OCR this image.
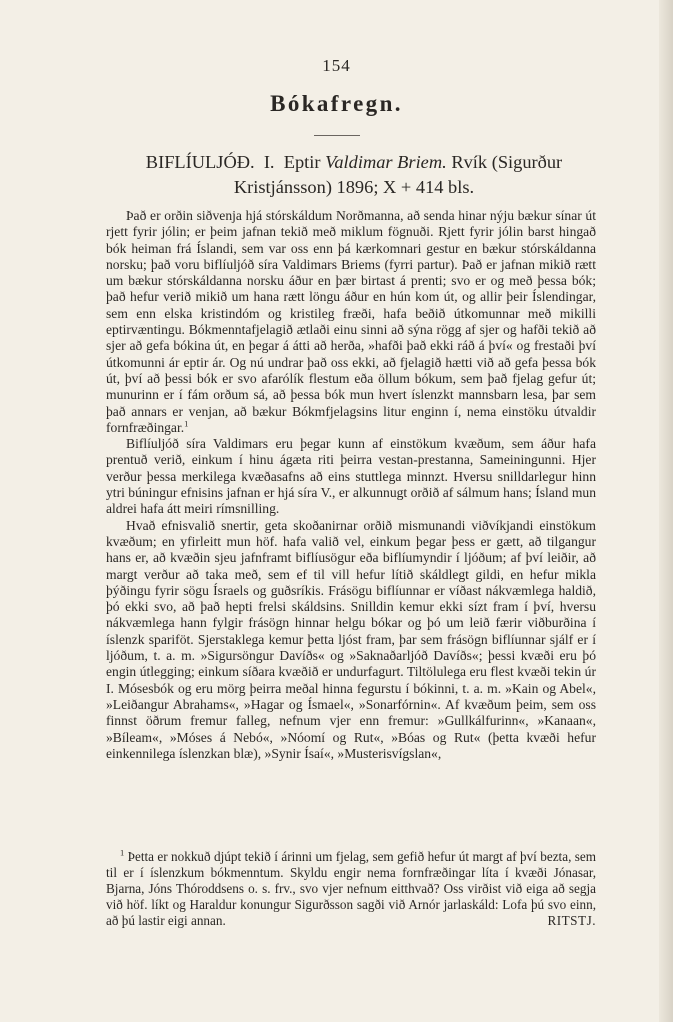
154
Bókafregn.
BIFLÍULJÓÐ. I. Eptir Valdimar Briem. Rvík (Sigurður Kristjánsson) 1896; X + 414 bls.

Það er orðin siðvenja hjá stórskáldum Norðmanna, að senda hinar nýju bækur sínar út rjett fyrir jólin; er þeim jafnan tekið með miklum fögnuði. Rjett fyrir jólin barst hingað bók heiman frá Íslandi, sem var oss enn þá kærkomnari gestur en bækur stórskáldanna norsku; það voru biflíuljóð síra Valdimars Briems (fyrri partur). Það er jafnan mikið rætt um bækur stórskáldanna norsku áður en þær birtast á prenti; svo er og með þessa bók; það hefur verið mikið um hana rætt löngu áður en hún kom út, og allir þeir Íslendingar, sem enn elska kristindóm og kristileg fræði, hafa beðið útkomunnar með mikilli eptirvæntingu. Bókmenntafjelagið ætlaði einu sinni að sýna rögg af sjer og hafði tekið að sjer að gefa bókina út, en þegar á átti að herða, »hafði það ekki ráð á því« og frestaði því útkomunni ár eptir ár. Og nú undrar það oss ekki, að fjelagið hætti við að gefa þessa bók út, því að þessi bók er svo afarólík flestum eða öllum bókum, sem það fjelag gefur út; munurinn er í fám orðum sá, að þessa bók mun hvert íslenzkt mannsbarn lesa, þar sem það annars er venjan, að bækur Bókmfjelagsins litur enginn í, nema einstöku útvaldir fornfræðingar.$^1$

Biflíuljóð síra Valdimars eru þegar kunn af einstökum kvæðum, sem áður hafa prentuð verið, einkum í hinu ágæta riti þeirra vestan-prestanna, Sameiningunni. Hjer verður þessa merkilega kvæðasafns að eins stuttlega minnzt. Hversu snilldarlegur hinn ytri búningur efnisins jafnan er hjá síra V., er alkunnugt orðið af sálmum hans; Ísland mun aldrei hafa átt meiri rímsnilling.

Hvað efnisvalið snertir, geta skoðanirnar orðið mismunandi viðvíkjandi einstökum kvæðum; en yfirleitt mun höf. hafa valið vel, einkum þegar þess er gætt, að tilgangur hans er, að kvæðin sjeu jafnframt biflíusögur eða biflíumyndir í ljóðum; af því leiðir, að margt verður að taka með, sem ef til vill hefur lítið skáldlegt gildi, en hefur mikla þýðingu fyrir sögu Ísraels og guðsríkis. Frásögu biflíunnar er víðast nákvæmlega haldið, þó ekki svo, að það hepti frelsi skáldsins. Snilldin kemur ekki sízt fram í því, hversu nákvæmlega hann fylgir frásögn hinnar helgu bókar og þó um leið færir viðburðina í íslenzk spariföt. Sjerstaklega kemur þetta ljóst fram, þar sem frásögn biflíunnar sjálf er í ljóðum, t. a. m. »Sigursöngur Davíðs« og »Saknaðarljóð Davíðs«; þessi kvæði eru þó engin útlegging; einkum síðara kvæðið er undurfagurt. Tiltölulega eru flest kvæði tekin úr I. Mósesbók og eru mörg þeirra meðal hinna fegurstu í bókinni, t. a. m. »Kain og Abel«, »Leiðangur Abrahams«, »Hagar og Ísmael«, »Sonarfórnin«. Af kvæðum þeim, sem oss finnst öðrum fremur falleg, nefnum vjer enn fremur: »Gullkálfurinn«, »Kanaan«, »Bíleam«, »Móses á Nebó«, »Nóomí og Rut«, »Bóas og Rut« (þetta kvæði hefur einkennilega íslenzkan blæ), »Synir Ísaí«, »Musterisvígslan«,

$^1$ Þetta er nokkuð djúpt tekið í árinni um fjelag, sem gefið hefur út margt af því bezta, sem til er í íslenzkum bókmenntum. Skyldu engir nema fornfræðingar líta í kvæði Jónasar, Bjarna, Jóns Thóroddsens o. s. frv., svo vjer nefnum eitthvað? Oss virðist við eiga að segja við höf. líkt og Haraldur konungur Sigurðsson sagði við Arnór jarlaskáld: Lofa þú svo einn, að þú lastir eigi annan.	RITSTJ.
